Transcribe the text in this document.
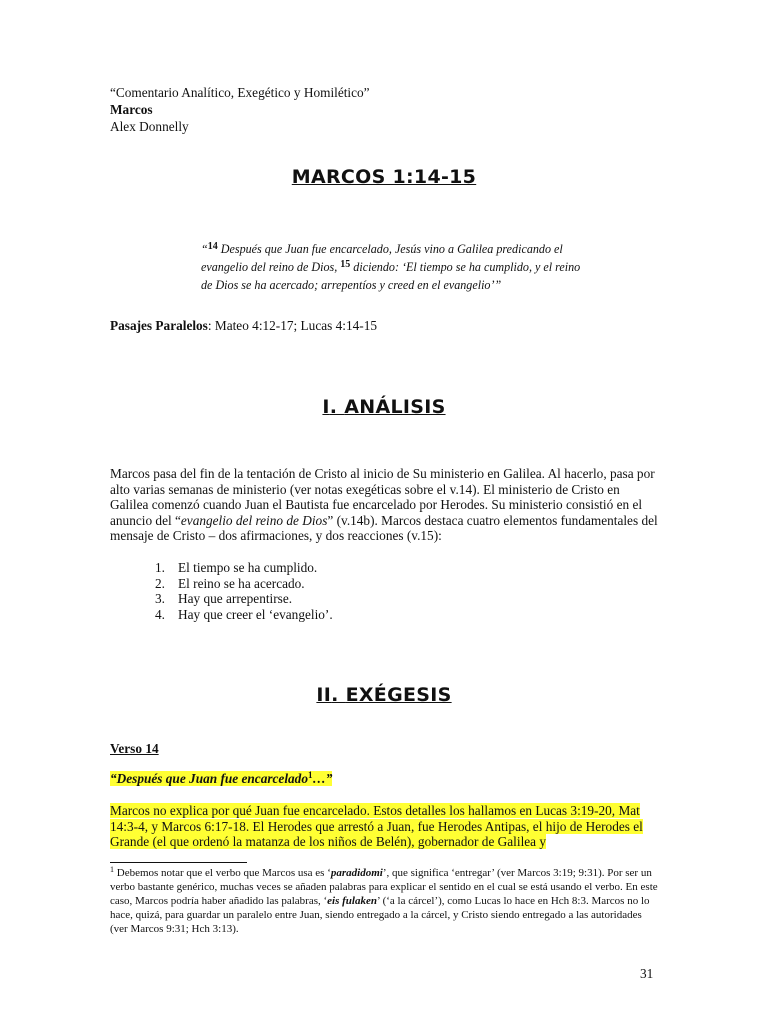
“Comentario Analítico, Exegético y Homilético”
Marcos
Alex Donnelly
MARCOS 1:14-15
“$^{14}$ Después que Juan fue encarcelado, Jesús vino a Galilea predicando el evangelio del reino de Dios, $^{15}$ diciendo: ‘El tiempo se ha cumplido, y el reino de Dios se ha acercado; arrepentíos y creed en el evangelio’”
Pasajes Paralelos: Mateo 4:12-17; Lucas 4:14-15
I. ANÁLISIS
Marcos pasa del fin de la tentación de Cristo al inicio de Su ministerio en Galilea. Al hacerlo, pasa por alto varias semanas de ministerio (ver notas exegéticas sobre el v.14). El ministerio de Cristo en Galilea comenzó cuando Juan el Bautista fue encarcelado por Herodes. Su ministerio consistió en el anuncio del “evangelio del reino de Dios” (v.14b). Marcos destaca cuatro elementos fundamentales del mensaje de Cristo – dos afirmaciones, y dos reacciones (v.15):
1. El tiempo se ha cumplido.
2. El reino se ha acercado.
3. Hay que arrepentirse.
4. Hay que creer el ‘evangelio’.
II. EXÉGESIS
Verso 14
“Después que Juan fue encarcelado$^1$…”
Marcos no explica por qué Juan fue encarcelado. Estos detalles los hallamos en Lucas 3:19-20, Mat 14:3-4, y Marcos 6:17-18. El Herodes que arrestó a Juan, fue Herodes Antipas, el hijo de Herodes el Grande (el que ordenó la matanza de los niños de Belén), gobernador de Galilea y
$^1$ Debemos notar que el verbo que Marcos usa es ‘paradidomi’, que significa ‘entregar’ (ver Marcos 3:19; 9:31). Por ser un verbo bastante genérico, muchas veces se añaden palabras para explicar el sentido en el cual se está usando el verbo. En este caso, Marcos podría haber añadido las palabras, ‘eis fulaken’ (‘a la cárcel’), como Lucas lo hace en Hch 8:3. Marcos no lo hace, quizá, para guardar un paralelo entre Juan, siendo entregado a la cárcel, y Cristo siendo entregado a las autoridades (ver Marcos 9:31; Hch 3:13).
31
